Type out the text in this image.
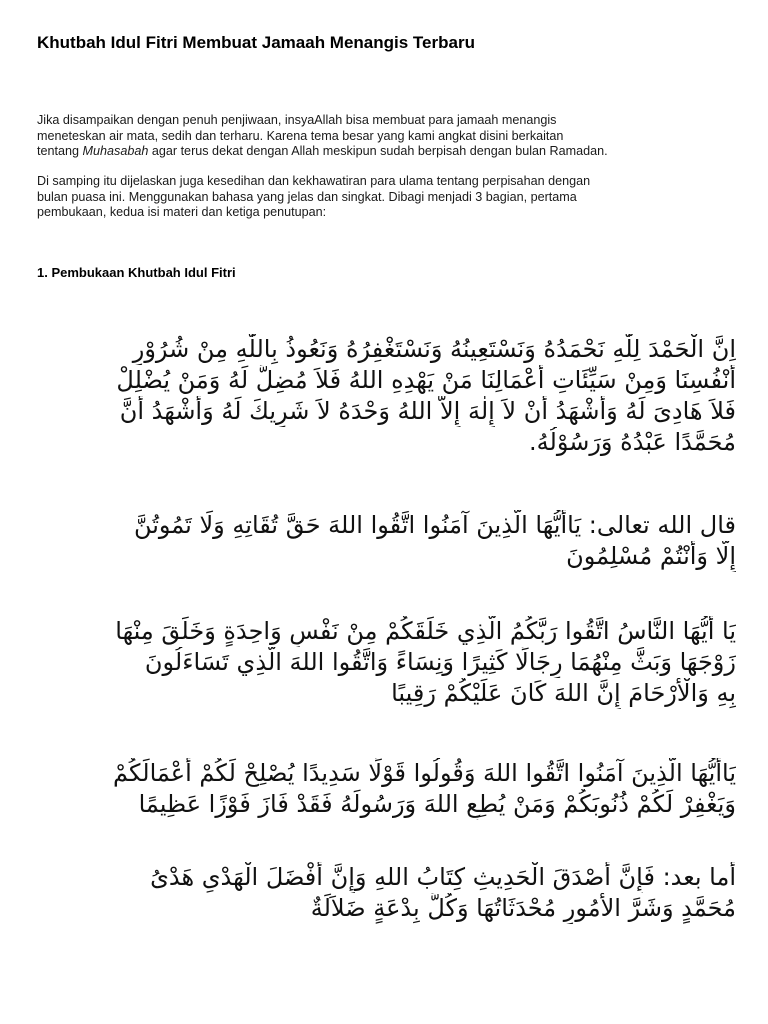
Khutbah Idul Fitri Membuat Jamaah Menangis Terbaru
Jika disampaikan dengan penuh penjiwaan, insyaAllah bisa membuat para jamaah menangis
meneteskan air mata, sedih dan terharu. Karena tema besar yang kami angkat disini berkaitan
tentang Muhasabah agar terus dekat dengan Allah meskipun sudah berpisah dengan bulan Ramadan.
Di samping itu dijelaskan juga kesedihan dan kekhawatiran para ulama tentang perpisahan dengan
bulan puasa ini. Menggunakan bahasa yang jelas dan singkat. Dibagi menjadi 3 bagian, pertama
pembukaan, kedua isi materi dan ketiga penutupan:
1. Pembukaan Khutbah Idul Fitri
اِنَّ الْحَمْدَ لِلّٰهِ نَحْمَدُهُ وَنَسْتَعِينُهُ وَنَسْتَغْفِرُهُ وَنَعُوذُ بِاللّٰهِ مِنْ شُرُوْرِ
أَنْفُسِنَا وَمِنْ سَيِّئَاتِ أَعْمَالِنَا مَنْ يَهْدِهِ اللهُ فَلاَ مُضِلَّ لَهُ وَمَنْ يُضْلِلْ
فَلاَ هَادِىَ لَهُ وَأَشْهَدُ أَنْ لاَ إِلٰهَ إِلاَّ اللهُ وَحْدَهُ لاَ شَرِيكَ لَهُ وَأَشْهَدُ أَنَّ
مُحَمَّدًا عَبْدُهُ وَرَسُوْلُهُ.
قال الله تعالى: يَاأَيُّهَا الَّذِينَ آمَنُوا اتَّقُوا اللهَ حَقَّ تُقَاتِهِ وَلَا تَمُوتُنَّ
إِلَّا وَأَنْتُمْ مُسْلِمُونَ
يَا أَيُّهَا النَّاسُ اتَّقُوا رَبَّكُمُ الَّذِي خَلَقَكُمْ مِنْ نَفْسٍ وَاحِدَةٍ وَخَلَقَ مِنْهَا
زَوْجَهَا وَبَثَّ مِنْهُمَا رِجَالًا كَثِيرًا وَنِسَاءً وَاتَّقُوا اللهَ الَّذِي تَسَاءَلُونَ
بِهِ وَالْأَرْحَامَ إِنَّ اللهَ كَانَ عَلَيْكُمْ رَقِيبًا
يَاأَيُّهَا الَّذِينَ آمَنُوا اتَّقُوا اللهَ وَقُولُوا قَوْلًا سَدِيدًا يُصْلِحْ لَكُمْ أَعْمَالَكُمْ
وَيَغْفِرْ لَكُمْ ذُنُوبَكُمْ وَمَنْ يُطِعِ اللهَ وَرَسُولَهُ فَقَدْ فَازَ فَوْزًا عَظِيمًا
أما بعد: فَإِنَّ أَصْدَقَ الْحَدِيثِ كِتَابُ اللهِ وَإِنَّ أَفْضَلَ الْهَدْىِ هَدْىُ
مُحَمَّدٍ وَشَرَّ الأُمُورِ مُحْدَثَاتُهَا وَكُلَّ بِدْعَةٍ ضَلاَلَةٌ
